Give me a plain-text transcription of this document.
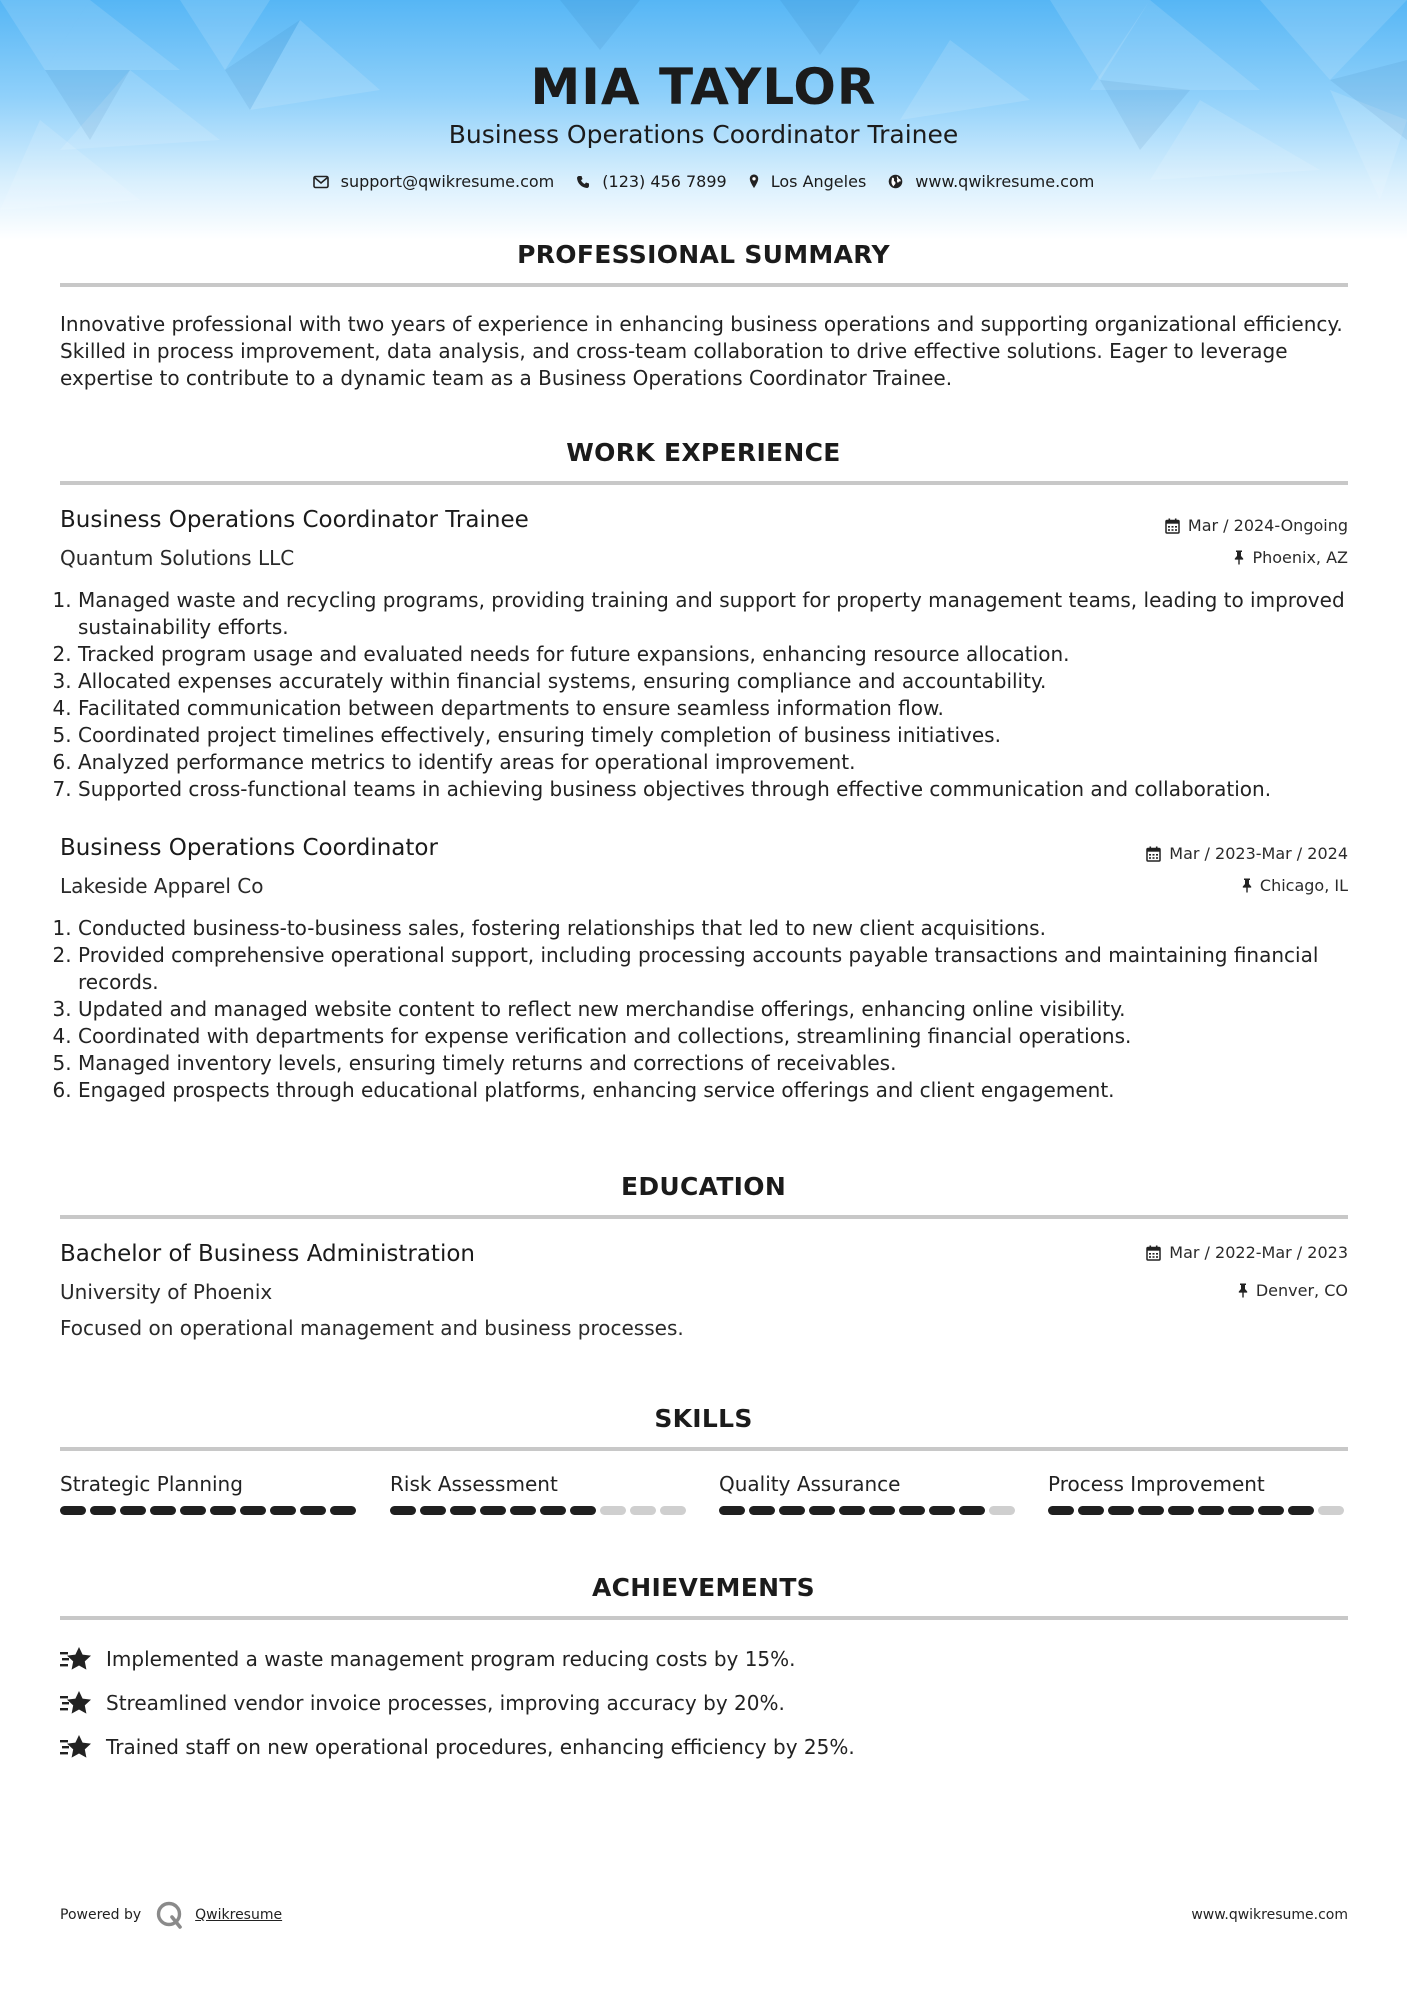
MIA TAYLOR
Business Operations Coordinator Trainee
support@qwikresume.com	(123) 456 7899	Los Angeles	www.qwikresume.com
PROFESSIONAL SUMMARY
Innovative professional with two years of experience in enhancing business operations and supporting organizational efficiency. Skilled in process improvement, data analysis, and cross-team collaboration to drive effective solutions. Eager to leverage expertise to contribute to a dynamic team as a Business Operations Coordinator Trainee.
WORK EXPERIENCE
Business Operations Coordinator Trainee	Mar / 2024-Ongoing
Quantum Solutions LLC	Phoenix, AZ
1. Managed waste and recycling programs, providing training and support for property management teams, leading to improved sustainability efforts.
2. Tracked program usage and evaluated needs for future expansions, enhancing resource allocation.
3. Allocated expenses accurately within financial systems, ensuring compliance and accountability.
4. Facilitated communication between departments to ensure seamless information flow.
5. Coordinated project timelines effectively, ensuring timely completion of business initiatives.
6. Analyzed performance metrics to identify areas for operational improvement.
7. Supported cross-functional teams in achieving business objectives through effective communication and collaboration.
Business Operations Coordinator	Mar / 2023-Mar / 2024
Lakeside Apparel Co	Chicago, IL
1. Conducted business-to-business sales, fostering relationships that led to new client acquisitions.
2. Provided comprehensive operational support, including processing accounts payable transactions and maintaining financial records.
3. Updated and managed website content to reflect new merchandise offerings, enhancing online visibility.
4. Coordinated with departments for expense verification and collections, streamlining financial operations.
5. Managed inventory levels, ensuring timely returns and corrections of receivables.
6. Engaged prospects through educational platforms, enhancing service offerings and client engagement.
EDUCATION
Bachelor of Business Administration	Mar / 2022-Mar / 2023
University of Phoenix	Denver, CO
Focused on operational management and business processes.
SKILLS
Strategic Planning	Risk Assessment	Quality Assurance	Process Improvement
ACHIEVEMENTS
Implemented a waste management program reducing costs by 15%.
Streamlined vendor invoice processes, improving accuracy by 20%.
Trained staff on new operational procedures, enhancing efficiency by 25%.
Powered by	Qwikresume	www.qwikresume.com
